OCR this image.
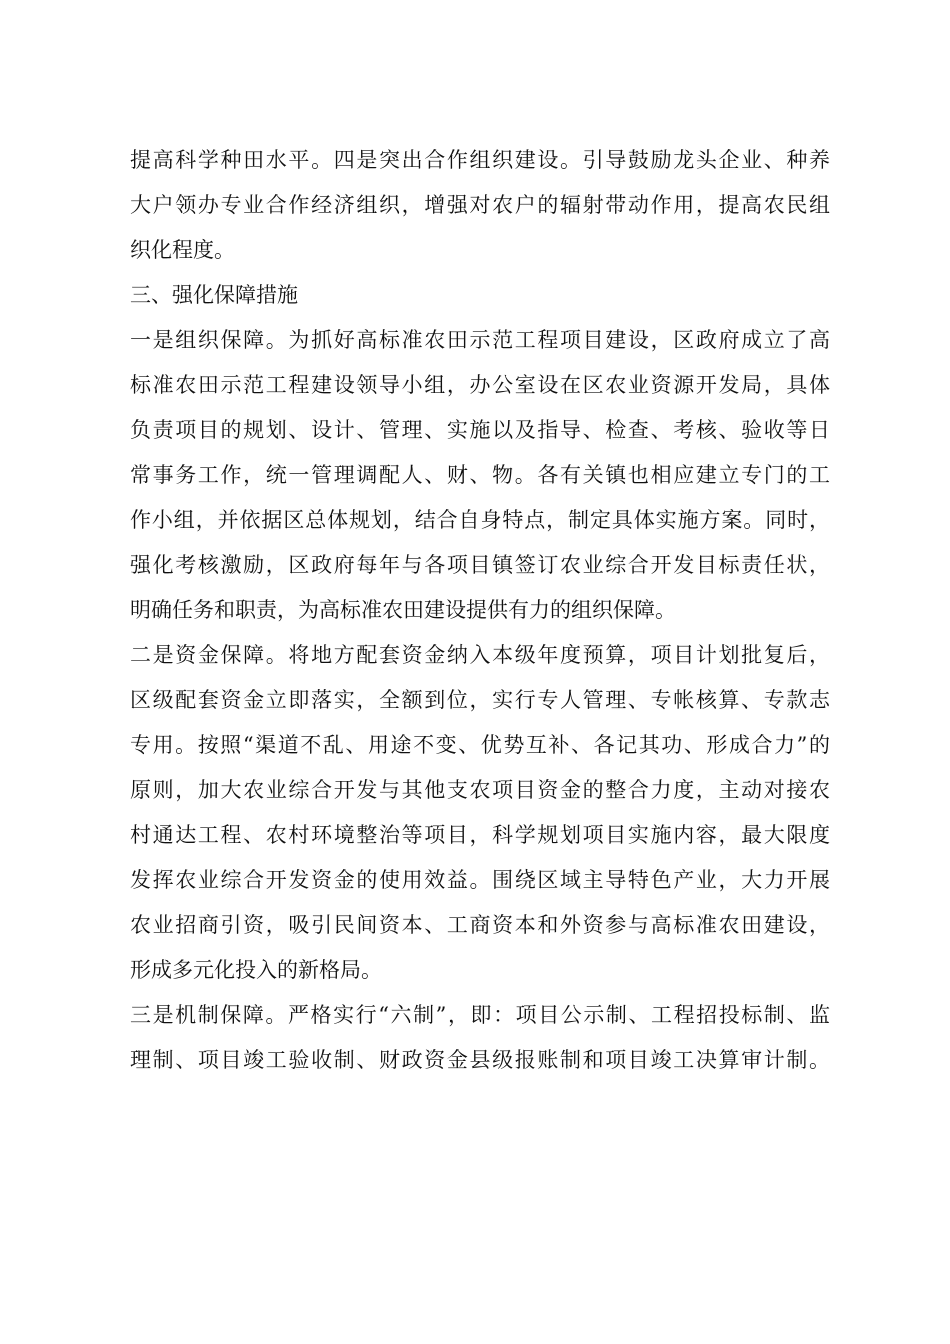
提高科学种田水平。四是突出合作组织建设。引导鼓励龙头企业、种养
大户领办专业合作经济组织，增强对农户的辐射带动作用，提高农民组
织化程度。
三、强化保障措施
一是组织保障。为抓好高标准农田示范工程项目建设，区政府成立了高
标准农田示范工程建设领导小组，办公室设在区农业资源开发局，具体
负责项目的规划、设计、管理、实施以及指导、检查、考核、验收等日
常事务工作，统一管理调配人、财、物。各有关镇也相应建立专门的工
作小组，并依据区总体规划，结合自身特点，制定具体实施方案。同时，
强化考核激励，区政府每年与各项目镇签订农业综合开发目标责任状，
明确任务和职责，为高标准农田建设提供有力的组织保障。
二是资金保障。将地方配套资金纳入本级年度预算，项目计划批复后，
区级配套资金立即落实，全额到位，实行专人管理、专帐核算、专款志
专用。按照“渠道不乱、用途不变、优势互补、各记其功、形成合力”的
原则，加大农业综合开发与其他支农项目资金的整合力度，主动对接农
村通达工程、农村环境整治等项目，科学规划项目实施内容，最大限度
发挥农业综合开发资金的使用效益。围绕区域主导特色产业，大力开展
农业招商引资，吸引民间资本、工商资本和外资参与高标准农田建设，
形成多元化投入的新格局。
三是机制保障。严格实行“六制”，即：项目公示制、工程招投标制、监
理制、项目竣工验收制、财政资金县级报账制和项目竣工决算审计制。
